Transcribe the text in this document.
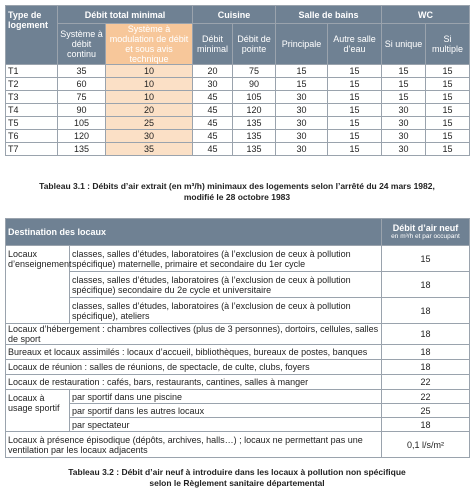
Type de logement	Débit total minimal		Cuisine		Salle de bains		WC	
	Système à débit continu	Système à modulation de débit et sous avis technique	Débit minimal	Débit de pointe	Principale	Autre salle d’eau	Si unique	Si multiple
T1	35	10	20	75	15	15	15	15
T2	60	10	30	90	15	15	15	15
T3	75	10	45	105	30	15	15	15
T4	90	20	45	120	30	15	30	15
T5	105	25	45	135	30	15	30	15
T6	120	30	45	135	30	15	30	15
T7	135	35	45	135	30	15	30	15
Tableau 3.1 : Débits d’air extrait (en m³/h) minimaux des logements selon l’arrêté du 24 mars 1982,
modifié le 28 octobre 1983
Destination des locaux		Débit d’air neuf
en m³/h et par occupant

Locaux d’enseignement	classes, salles d’études, laboratoires (à l’exclusion de ceux à pollution spécifique) maternelle, primaire et secondaire du 1er cycle	15
	classes, salles d’études, laboratoires (à l’exclusion de ceux à pollution spécifique) secondaire du 2e cycle et universitaire	18
	classes, salles d’études, laboratoires (à l’exclusion de ceux à pollution spécifique), ateliers	18
Locaux d’hébergement : chambres collectives (plus de 3 personnes), dortoirs, cellules, salles de sport		18
Bureaux et locaux assimilés : locaux d’accueil, bibliothèques, bureaux de postes, banques		18
Locaux de réunion : salles de réunions, de spectacle, de culte, clubs, foyers		18
Locaux de restauration : cafés, bars, restaurants, cantines, salles à manger		22
Locaux à usage sportif	par sportif dans une piscine	22
	par sportif dans les autres locaux	25
	par spectateur	18
Locaux à présence épisodique (dépôts, archives, halls…) ; locaux ne permettant pas une ventilation par les locaux adjacents		0,1 l/s/m²
Tableau 3.2 : Débit d’air neuf à introduire dans les locaux à pollution non spécifique
selon le Règlement sanitaire départemental
